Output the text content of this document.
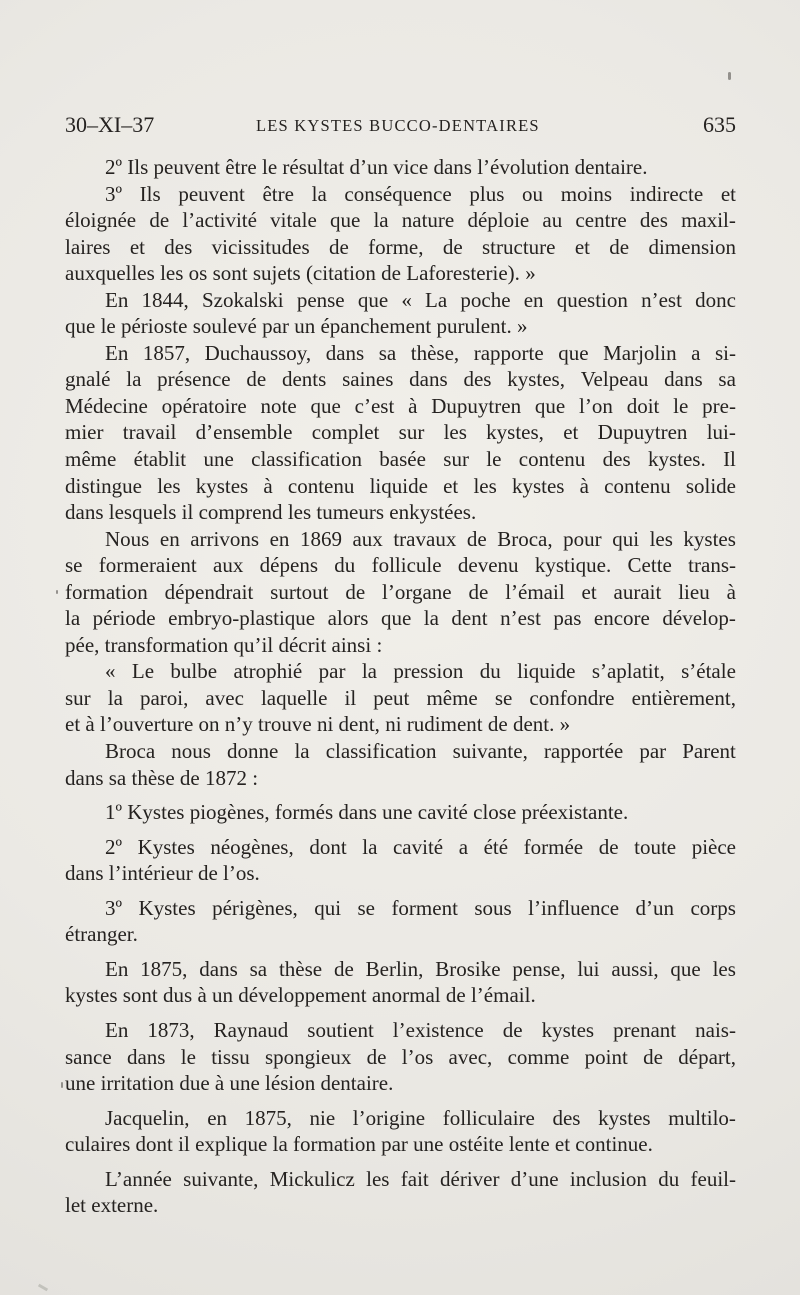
30–XI–37	LES KYSTES BUCCO-DENTAIRES	635
2º Ils peuvent être le résultat d’un vice dans l’évolution dentaire.
3º Ils peuvent être la conséquence plus ou moins indirecte et
éloignée de l’activité vitale que la nature déploie au centre des maxil-
laires et des vicissitudes de forme, de structure et de dimension
auxquelles les os sont sujets (citation de Laforesterie). »
En 1844, Szokalski pense que « La poche en question n’est donc
que le périoste soulevé par un épanchement purulent. »
En 1857, Duchaussoy, dans sa thèse, rapporte que Marjolin a si-
gnalé la présence de dents saines dans des kystes, Velpeau dans sa
Médecine opératoire note que c’est à Dupuytren que l’on doit le pre-
mier travail d’ensemble complet sur les kystes, et Dupuytren lui-
même établit une classification basée sur le contenu des kystes. Il
distingue les kystes à contenu liquide et les kystes à contenu solide
dans lesquels il comprend les tumeurs enkystées.
Nous en arrivons en 1869 aux travaux de Broca, pour qui les kystes
se formeraient aux dépens du follicule devenu kystique. Cette trans-
formation dépendrait surtout de l’organe de l’émail et aurait lieu à
la période embryo-plastique alors que la dent n’est pas encore dévelop-
pée, transformation qu’il décrit ainsi :
« Le bulbe atrophié par la pression du liquide s’aplatit, s’étale
sur la paroi, avec laquelle il peut même se confondre entièrement,
et à l’ouverture on n’y trouve ni dent, ni rudiment de dent. »
Broca nous donne la classification suivante, rapportée par Parent
dans sa thèse de 1872 :
1º Kystes piogènes, formés dans une cavité close préexistante.
2º Kystes néogènes, dont la cavité a été formée de toute pièce
dans l’intérieur de l’os.
3º Kystes périgènes, qui se forment sous l’influence d’un corps
étranger.
En 1875, dans sa thèse de Berlin, Brosike pense, lui aussi, que les
kystes sont dus à un développement anormal de l’émail.
En 1873, Raynaud soutient l’existence de kystes prenant nais-
sance dans le tissu spongieux de l’os avec, comme point de départ,
une irritation due à une lésion dentaire.
Jacquelin, en 1875, nie l’origine folliculaire des kystes multilo-
culaires dont il explique la formation par une ostéite lente et continue.
L’année suivante, Mickulicz les fait dériver d’une inclusion du feuil-
let externe.
